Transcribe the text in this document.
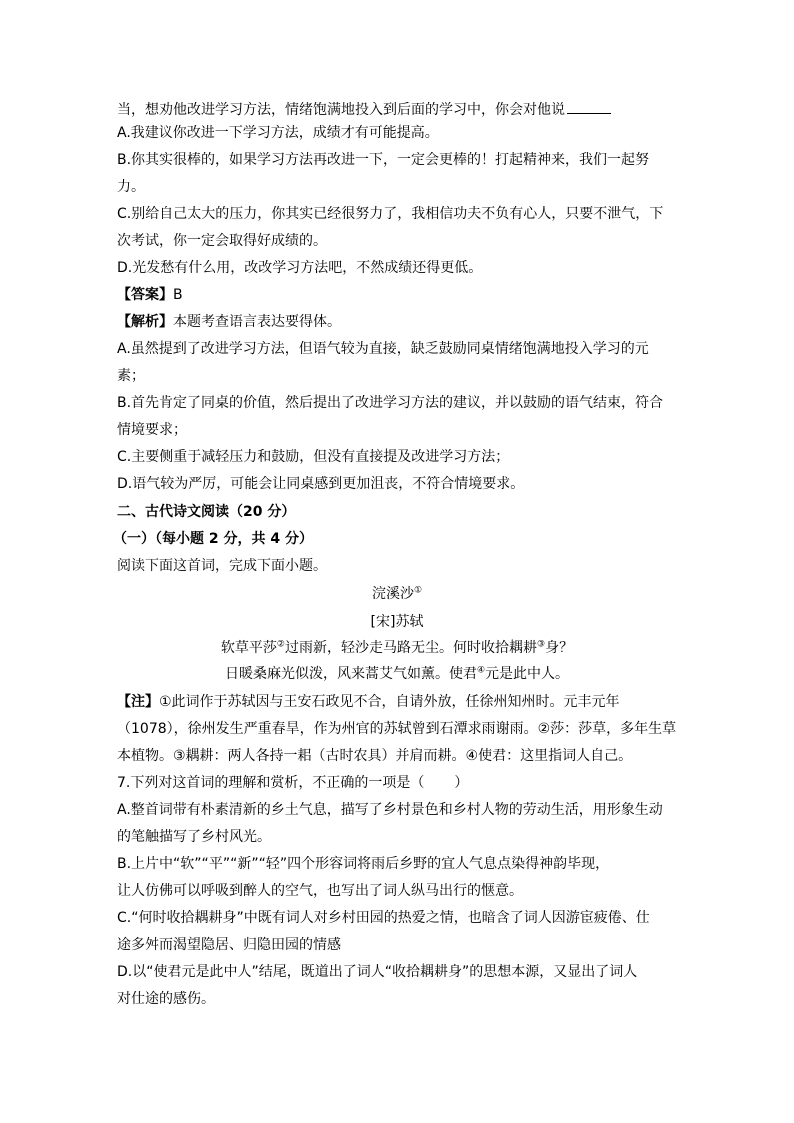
当，想劝他改进学习方法，情绪饱满地投入到后面的学习中，你会对他说
A.我建议你改进一下学习方法，成绩才有可能提高。
B.你其实很棒的，如果学习方法再改进一下，一定会更棒的！打起精神来，我们一起努
力。
C.别给自己太大的压力，你其实已经很努力了，我相信功夫不负有心人，只要不泄气，下
次考试，你一定会取得好成绩的。
D.光发愁有什么用，改改学习方法吧，不然成绩还得更低。
【答案】B
【解析】本题考查语言表达要得体。
A.虽然提到了改进学习方法，但语气较为直接，缺乏鼓励同桌情绪饱满地投入学习的元
素；
B.首先肯定了同桌的价值，然后提出了改进学习方法的建议，并以鼓励的语气结束，符合
情境要求；
C.主要侧重于减轻压力和鼓励，但没有直接提及改进学习方法；
D.语气较为严厉，可能会让同桌感到更加沮丧，不符合情境要求。
二、古代诗文阅读（20 分）
（一）（每小题 2 分，共 4 分）
阅读下面这首词，完成下面小题。
浣溪沙①
[宋]苏轼
软草平莎②过雨新，轻沙走马路无尘。何时收拾耦耕③身？
日暖桑麻光似泼，风来蒿艾气如薰。使君④元是此中人。
【注】①此词作于苏轼因与王安石政见不合，自请外放，任徐州知州时。元丰元年
（1078），徐州发生严重春旱，作为州官的苏轼曾到石潭求雨谢雨。②莎：莎草，多年生草
本植物。③耦耕：两人各持一耜（古时农具）并肩而耕。④使君：这里指词人自己。
7.下列对这首词的理解和赏析，不正确的一项是（ ）
A.整首词带有朴素清新的乡土气息，描写了乡村景色和乡村人物的劳动生活，用形象生动
的笔触描写了乡村风光。
B.上片中“软”“平”“新”“轻”四个形容词将雨后乡野的宜人气息点染得神韵毕现，
让人仿佛可以呼吸到醉人的空气，也写出了词人纵马出行的惬意。
C.“何时收拾耦耕身”中既有词人对乡村田园的热爱之情，也暗含了词人因游宦疲倦、仕
途多舛而渴望隐居、归隐田园的情感
D.以“使君元是此中人”结尾，既道出了词人“收拾耦耕身”的思想本源，又显出了词人
对仕途的感伤。
